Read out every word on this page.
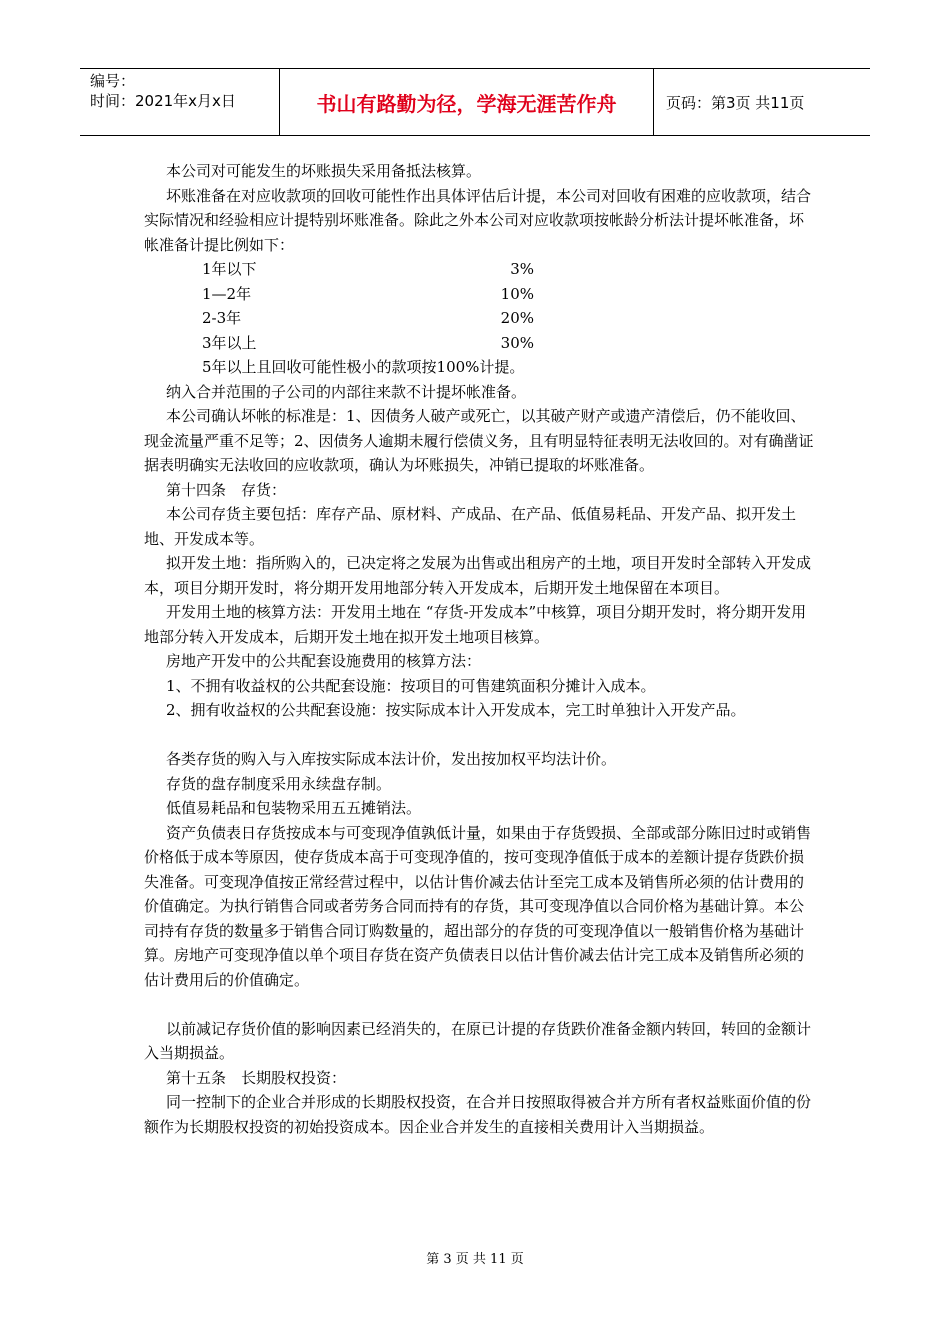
编号：
时间：2021年x月x日	书山有路勤为径，学海无涯苦作舟	页码：第3页 共11页

本公司对可能发生的坏账损失采用备抵法核算。

坏账准备在对应收款项的回收可能性作出具体评估后计提，本公司对回收有困难的应收款项，结合实际情况和经验相应计提特别坏账准备。除此之外本公司对应收款项按帐龄分析法计提坏帐准备，坏帐准备计提比例如下：

1年以下	3%
1—2年	10%
2-3年	20%
3年以上	30%
5年以上且回收可能性极小的款项按100%计提。

纳入合并范围的子公司的内部往来款不计提坏帐准备。

本公司确认坏帐的标准是：1、因债务人破产或死亡，以其破产财产或遗产清偿后，仍不能收回、现金流量严重不足等；2、因债务人逾期未履行偿债义务，且有明显特征表明无法收回的。对有确凿证据表明确实无法收回的应收款项，确认为坏账损失，冲销已提取的坏账准备。

第十四条　存货：

本公司存货主要包括：库存产品、原材料、产成品、在产品、低值易耗品、开发产品、拟开发土地、开发成本等。

拟开发土地：指所购入的，已决定将之发展为出售或出租房产的土地，项目开发时全部转入开发成本，项目分期开发时，将分期开发用地部分转入开发成本，后期开发土地保留在本项目。

开发用土地的核算方法：开发用土地在 “存货-开发成本”中核算，项目分期开发时，将分期开发用地部分转入开发成本，后期开发土地在拟开发土地项目核算。

房地产开发中的公共配套设施费用的核算方法：

1、不拥有收益权的公共配套设施：按项目的可售建筑面积分摊计入成本。

2、拥有收益权的公共配套设施：按实际成本计入开发成本，完工时单独计入开发产品。

各类存货的购入与入库按实际成本法计价，发出按加权平均法计价。

存货的盘存制度采用永续盘存制。

低值易耗品和包装物采用五五摊销法。

资产负债表日存货按成本与可变现净值孰低计量，如果由于存货毁损、全部或部分陈旧过时或销售价格低于成本等原因，使存货成本高于可变现净值的，按可变现净值低于成本的差额计提存货跌价损失准备。可变现净值按正常经营过程中，以估计售价减去估计至完工成本及销售所必须的估计费用的价值确定。为执行销售合同或者劳务合同而持有的存货，其可变现净值以合同价格为基础计算。本公司持有存货的数量多于销售合同订购数量的，超出部分的存货的可变现净值以一般销售价格为基础计算。房地产可变现净值以单个项目存货在资产负债表日以估计售价减去估计完工成本及销售所必须的估计费用后的价值确定。

以前减记存货价值的影响因素已经消失的，在原已计提的存货跌价准备金额内转回，转回的金额计入当期损益。

第十五条　长期股权投资：

同一控制下的企业合并形成的长期股权投资，在合并日按照取得被合并方所有者权益账面价值的份额作为长期股权投资的初始投资成本。因企业合并发生的直接相关费用计入当期损益。

第 3 页 共 11 页
